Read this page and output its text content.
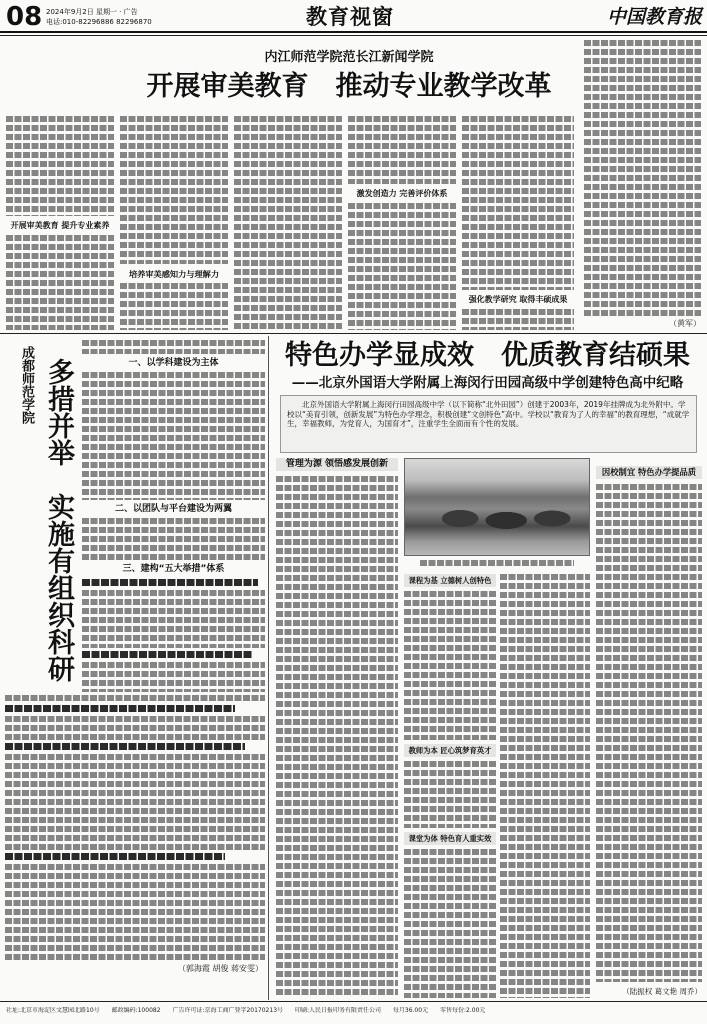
08 2024年9月2日 星期一 · 广告
电话:010-82296886 82296870	教育视窗	中国教育报
内江师范学院范长江新闻学院
开展审美教育　推动专业教学改革
开展审美教育 提升专业素养
培养审美感知力与理解力
激发创造力 完善评价体系
强化教学研究 取得丰硕成果
（黄军）
成都师范学院 多措并举　实施有组织科研	一、以学科建设为主体
二、以团队与平台建设为两翼
三、建构“五大举措”体系
（郭海霞 胡俊 蒋安雯）
特色办学显成效　优质教育结硕果
——北京外国语大学附属上海闵行田园高级中学创建特色高中纪略
北京外国语大学附属上海闵行田园高级中学（以下简称“北外田园”）创建于2003年，2019年挂牌成为北外附中。学校以“美育引领，创新发展”为特色办学理念，积极创建“文创特色”高中。学校以“教育为了人的幸福”的教育理想，“成就学生，幸福教师，为党育人，为国育才”，注重学生全面而有个性的发展。
管理为源 领悟感发展创新
课程为基 立德树人创特色
教师为本 匠心筑梦育英才
课堂为体 特色育人重实效
因校制宜 特色办学提品质
（陆振权 葛文艳 周乔）
社址:北京市海淀区文慧园北路10号 邮政编码:100082 广告许可证:京海工商广登字20170213号 印刷:人民日报印务有限责任公司 每月36.00元 零售每份:2.00元
